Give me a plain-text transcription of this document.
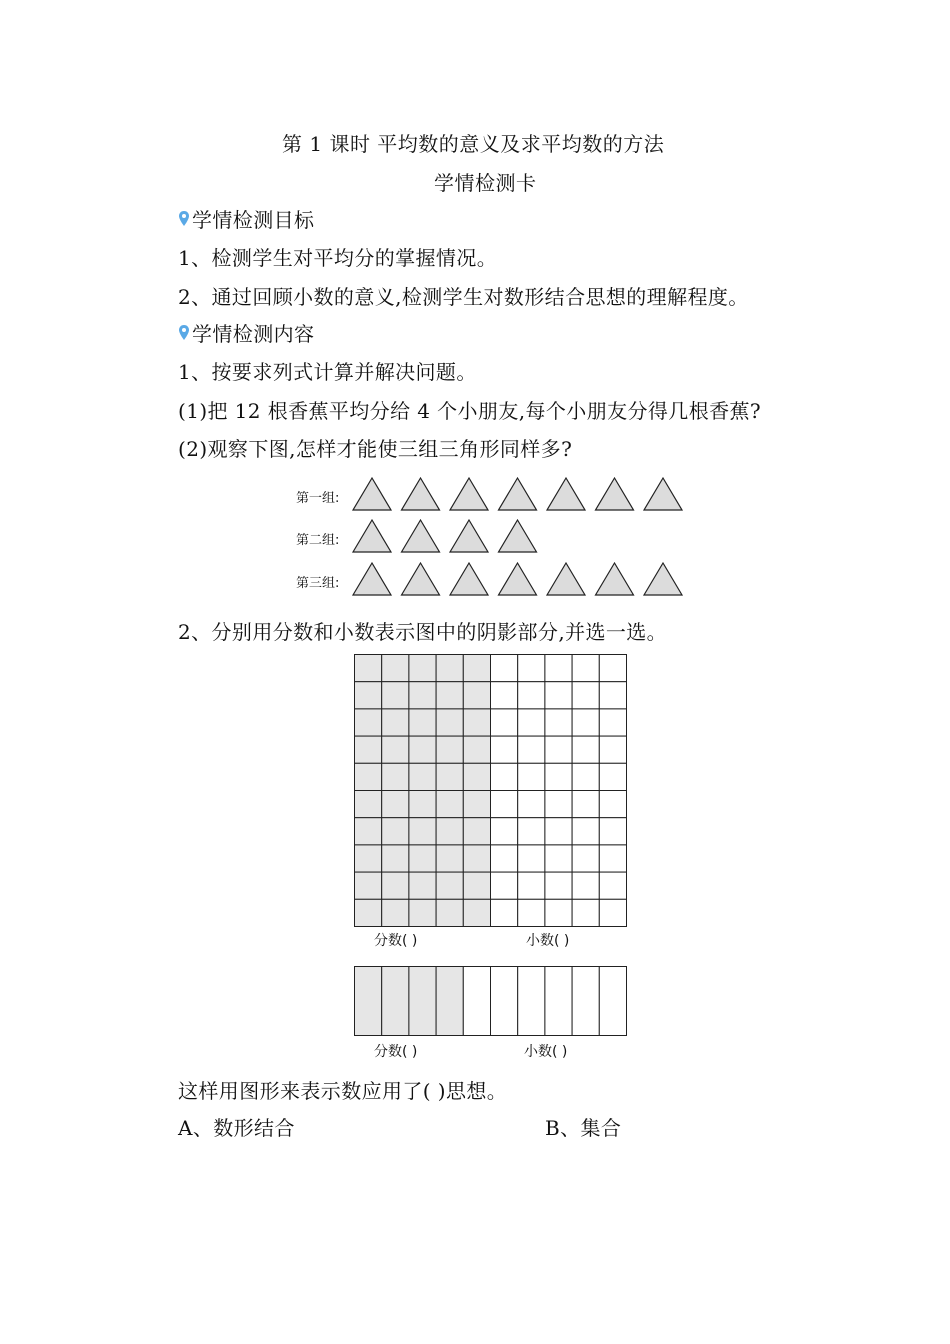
第 1 课时 平均数的意义及求平均数的方法
学情检测卡
学情检测目标
1、检测学生对平均分的掌握情况。
2、通过回顾小数的意义,检测学生对数形结合思想的理解程度。
学情检测内容
1、按要求列式计算并解决问题。
(1)把 12 根香蕉平均分给 4 个小朋友,每个小朋友分得几根香蕉?
(2)观察下图,怎样才能使三组三角形同样多?
第一组:
第二组:
第三组:
2、分别用分数和小数表示图中的阴影部分,并选一选。
分数( )	小数( )
分数( )	小数( )
这样用图形来表示数应用了( )思想。
A、数形结合	B、集合
